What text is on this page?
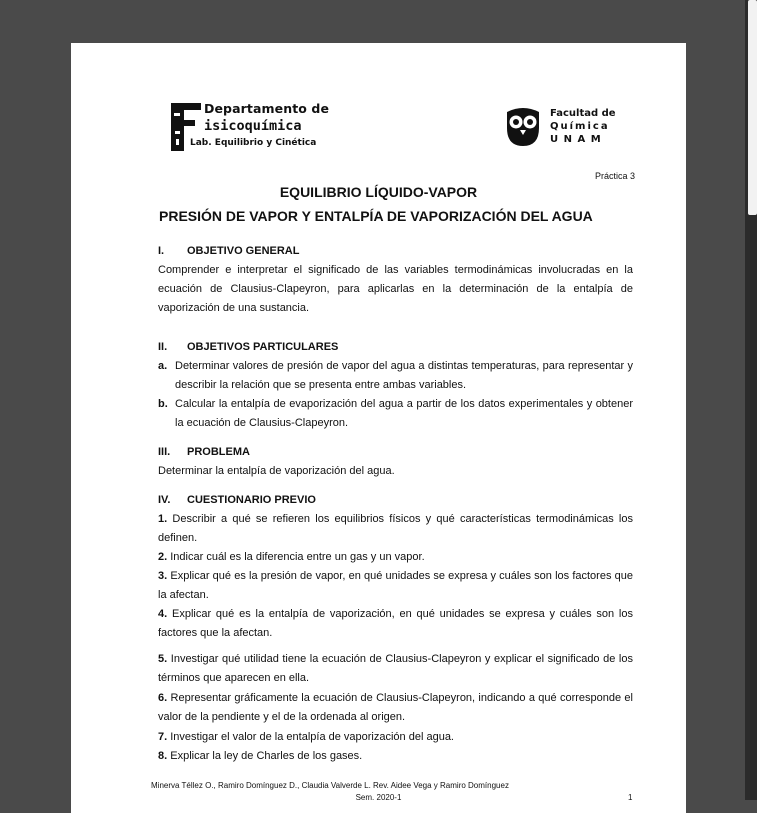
Departamento de
isicoquímica
Lab. Equilibrio y Cinética
Facultad de
Química
UNAM
Práctica 3
EQUILIBRIO LÍQUIDO-VAPOR
PRESIÓN DE VAPOR Y ENTALPÍA DE VAPORIZACIÓN DEL AGUA
I. OBJETIVO GENERAL
Comprender e interpretar el significado de las variables termodinámicas involucradas en la ecuación de Clausius-Clapeyron, para aplicarlas en la determinación de la entalpía de vaporización de una sustancia.
II. OBJETIVOS PARTICULARES
a. Determinar valores de presión de vapor del agua a distintas temperaturas, para representar y describir la relación que se presenta entre ambas variables.
b. Calcular la entalpía de evaporización del agua a partir de los datos experimentales y obtener la ecuación de Clausius-Clapeyron.
III. PROBLEMA
Determinar la entalpía de vaporización del agua.
IV. CUESTIONARIO PREVIO
1. Describir a qué se refieren los equilibrios físicos y qué características termodinámicas los definen.
2. Indicar cuál es la diferencia entre un gas y un vapor.
3. Explicar qué es la presión de vapor, en qué unidades se expresa y cuáles son los factores que la afectan.
4. Explicar qué es la entalpía de vaporización, en qué unidades se expresa y cuáles son los factores que la afectan.
5. Investigar qué utilidad tiene la ecuación de Clausius-Clapeyron y explicar el significado de los términos que aparecen en ella.
6. Representar gráficamente la ecuación de Clausius-Clapeyron, indicando a qué corresponde el valor de la pendiente y el de la ordenada al origen.
7. Investigar el valor de la entalpía de vaporización del agua.
8. Explicar la ley de Charles de los gases.
Minerva Téllez O., Ramiro Domínguez D., Claudia Valverde L. Rev. Aidee Vega y Ramiro Domínguez
Sem. 2020-1	1
